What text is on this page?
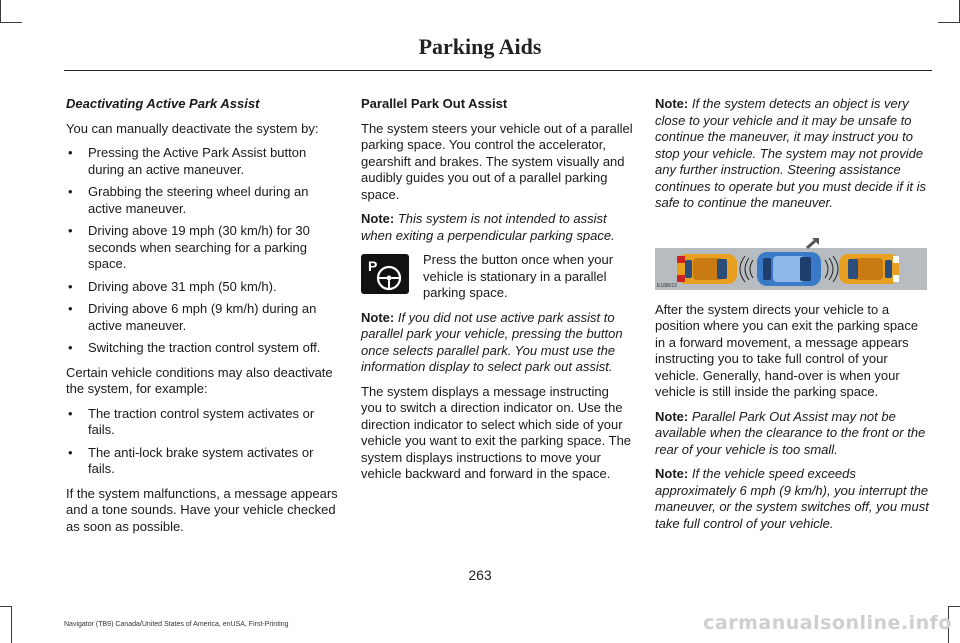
Parking Aids

Deactivating Active Park Assist

You can manually deactivate the system by:

• Pressing the Active Park Assist button during an active maneuver.
• Grabbing the steering wheel during an active maneuver.
• Driving above 19 mph (30 km/h) for 30 seconds when searching for a parking space.
• Driving above 31 mph (50 km/h).
• Driving above 6 mph (9 km/h) during an active maneuver.
• Switching the traction control system off.

Certain vehicle conditions may also deactivate the system, for example:

• The traction control system activates or fails.
• The anti-lock brake system activates or fails.

If the system malfunctions, a message appears and a tone sounds. Have your vehicle checked as soon as possible.

Parallel Park Out Assist

The system steers your vehicle out of a parallel parking space. You control the accelerator, gearshift and brakes. The system visually and audibly guides you out of a parallel parking space.

Note: This system is not intended to assist when exiting a perpendicular parking space.

P	Press the button once when your vehicle is stationary in a parallel parking space.

Note: If you did not use active park assist to parallel park your vehicle, pressing the button once selects parallel park. You must use the information display to select park out assist.

The system displays a message instructing you to switch a direction indicator on. Use the direction indicator to select which side of your vehicle you want to exit the parking space. The system displays instructions to move your vehicle backward and forward in the space.

Note: If the system detects an object is very close to your vehicle and it may be unsafe to continue the maneuver, it may instruct you to stop your vehicle. The system may not provide any further instruction. Steering assistance continues to operate but you must decide if it is safe to continue the maneuver.

E188012

After the system directs your vehicle to a position where you can exit the parking space in a forward movement, a message appears instructing you to take full control of your vehicle. Generally, hand-over is when your vehicle is still inside the parking space.

Note: Parallel Park Out Assist may not be available when the clearance to the front or the rear of your vehicle is too small.

Note: If the vehicle speed exceeds approximately 6 mph (9 km/h), you interrupt the maneuver, or the system switches off, you must take full control of your vehicle.

263
Navigator (TB9) Canada/United States of America, enUSA, First-Printing	carmanualsonline.info
